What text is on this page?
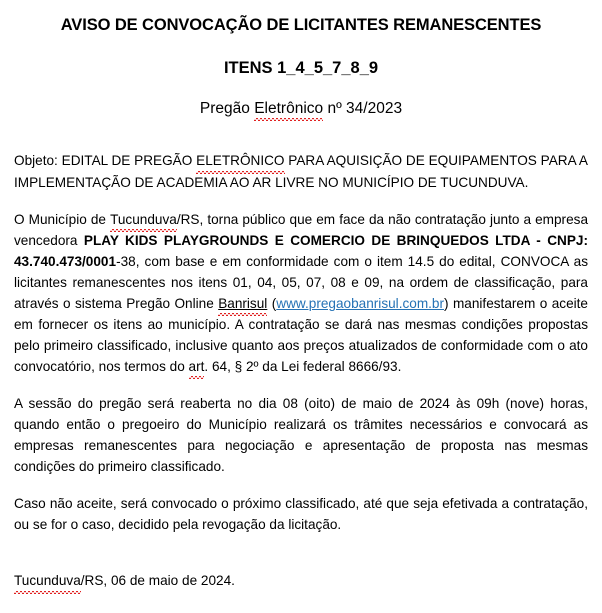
AVISO DE CONVOCAÇÃO DE LICITANTES REMANESCENTES
ITENS 1_4_5_7_8_9
Pregão Eletrônico nº 34/2023

Objeto: EDITAL DE PREGÃO ELETRÔNICO PARA AQUISIÇÃO DE EQUIPAMENTOS PARA A IMPLEMENTAÇÃO DE ACADEMIA AO AR LIVRE NO MUNICÍPIO DE TUCUNDUVA.

O Município de Tucunduva/RS, torna público que em face da não contratação junto a empresa vencedora PLAY KIDS PLAYGROUNDS E COMERCIO DE BRINQUEDOS LTDA - CNPJ: 43.740.473/0001-38, com base e em conformidade com o item 14.5 do edital, CONVOCA as licitantes remanescentes nos itens 01, 04, 05, 07, 08 e 09, na ordem de classificação, para através o sistema Pregão Online Banrisul (www.pregaobanrisul.com.br) manifestarem o aceite em fornecer os itens ao município. A contratação se dará nas mesmas condições propostas pelo primeiro classificado, inclusive quanto aos preços atualizados de conformidade com o ato convocatório, nos termos do art. 64, § 2º da Lei federal 8666/93.

A sessão do pregão será reaberta no dia 08 (oito) de maio de 2024 às 09h (nove) horas, quando então o pregoeiro do Município realizará os trâmites necessários e convocará as empresas remanescentes para negociação e apresentação de proposta nas mesmas condições do primeiro classificado.

Caso não aceite, será convocado o próximo classificado, até que seja efetivada a contratação, ou se for o caso, decidido pela revogação da licitação.

Tucunduva/RS, 06 de maio de 2024.
